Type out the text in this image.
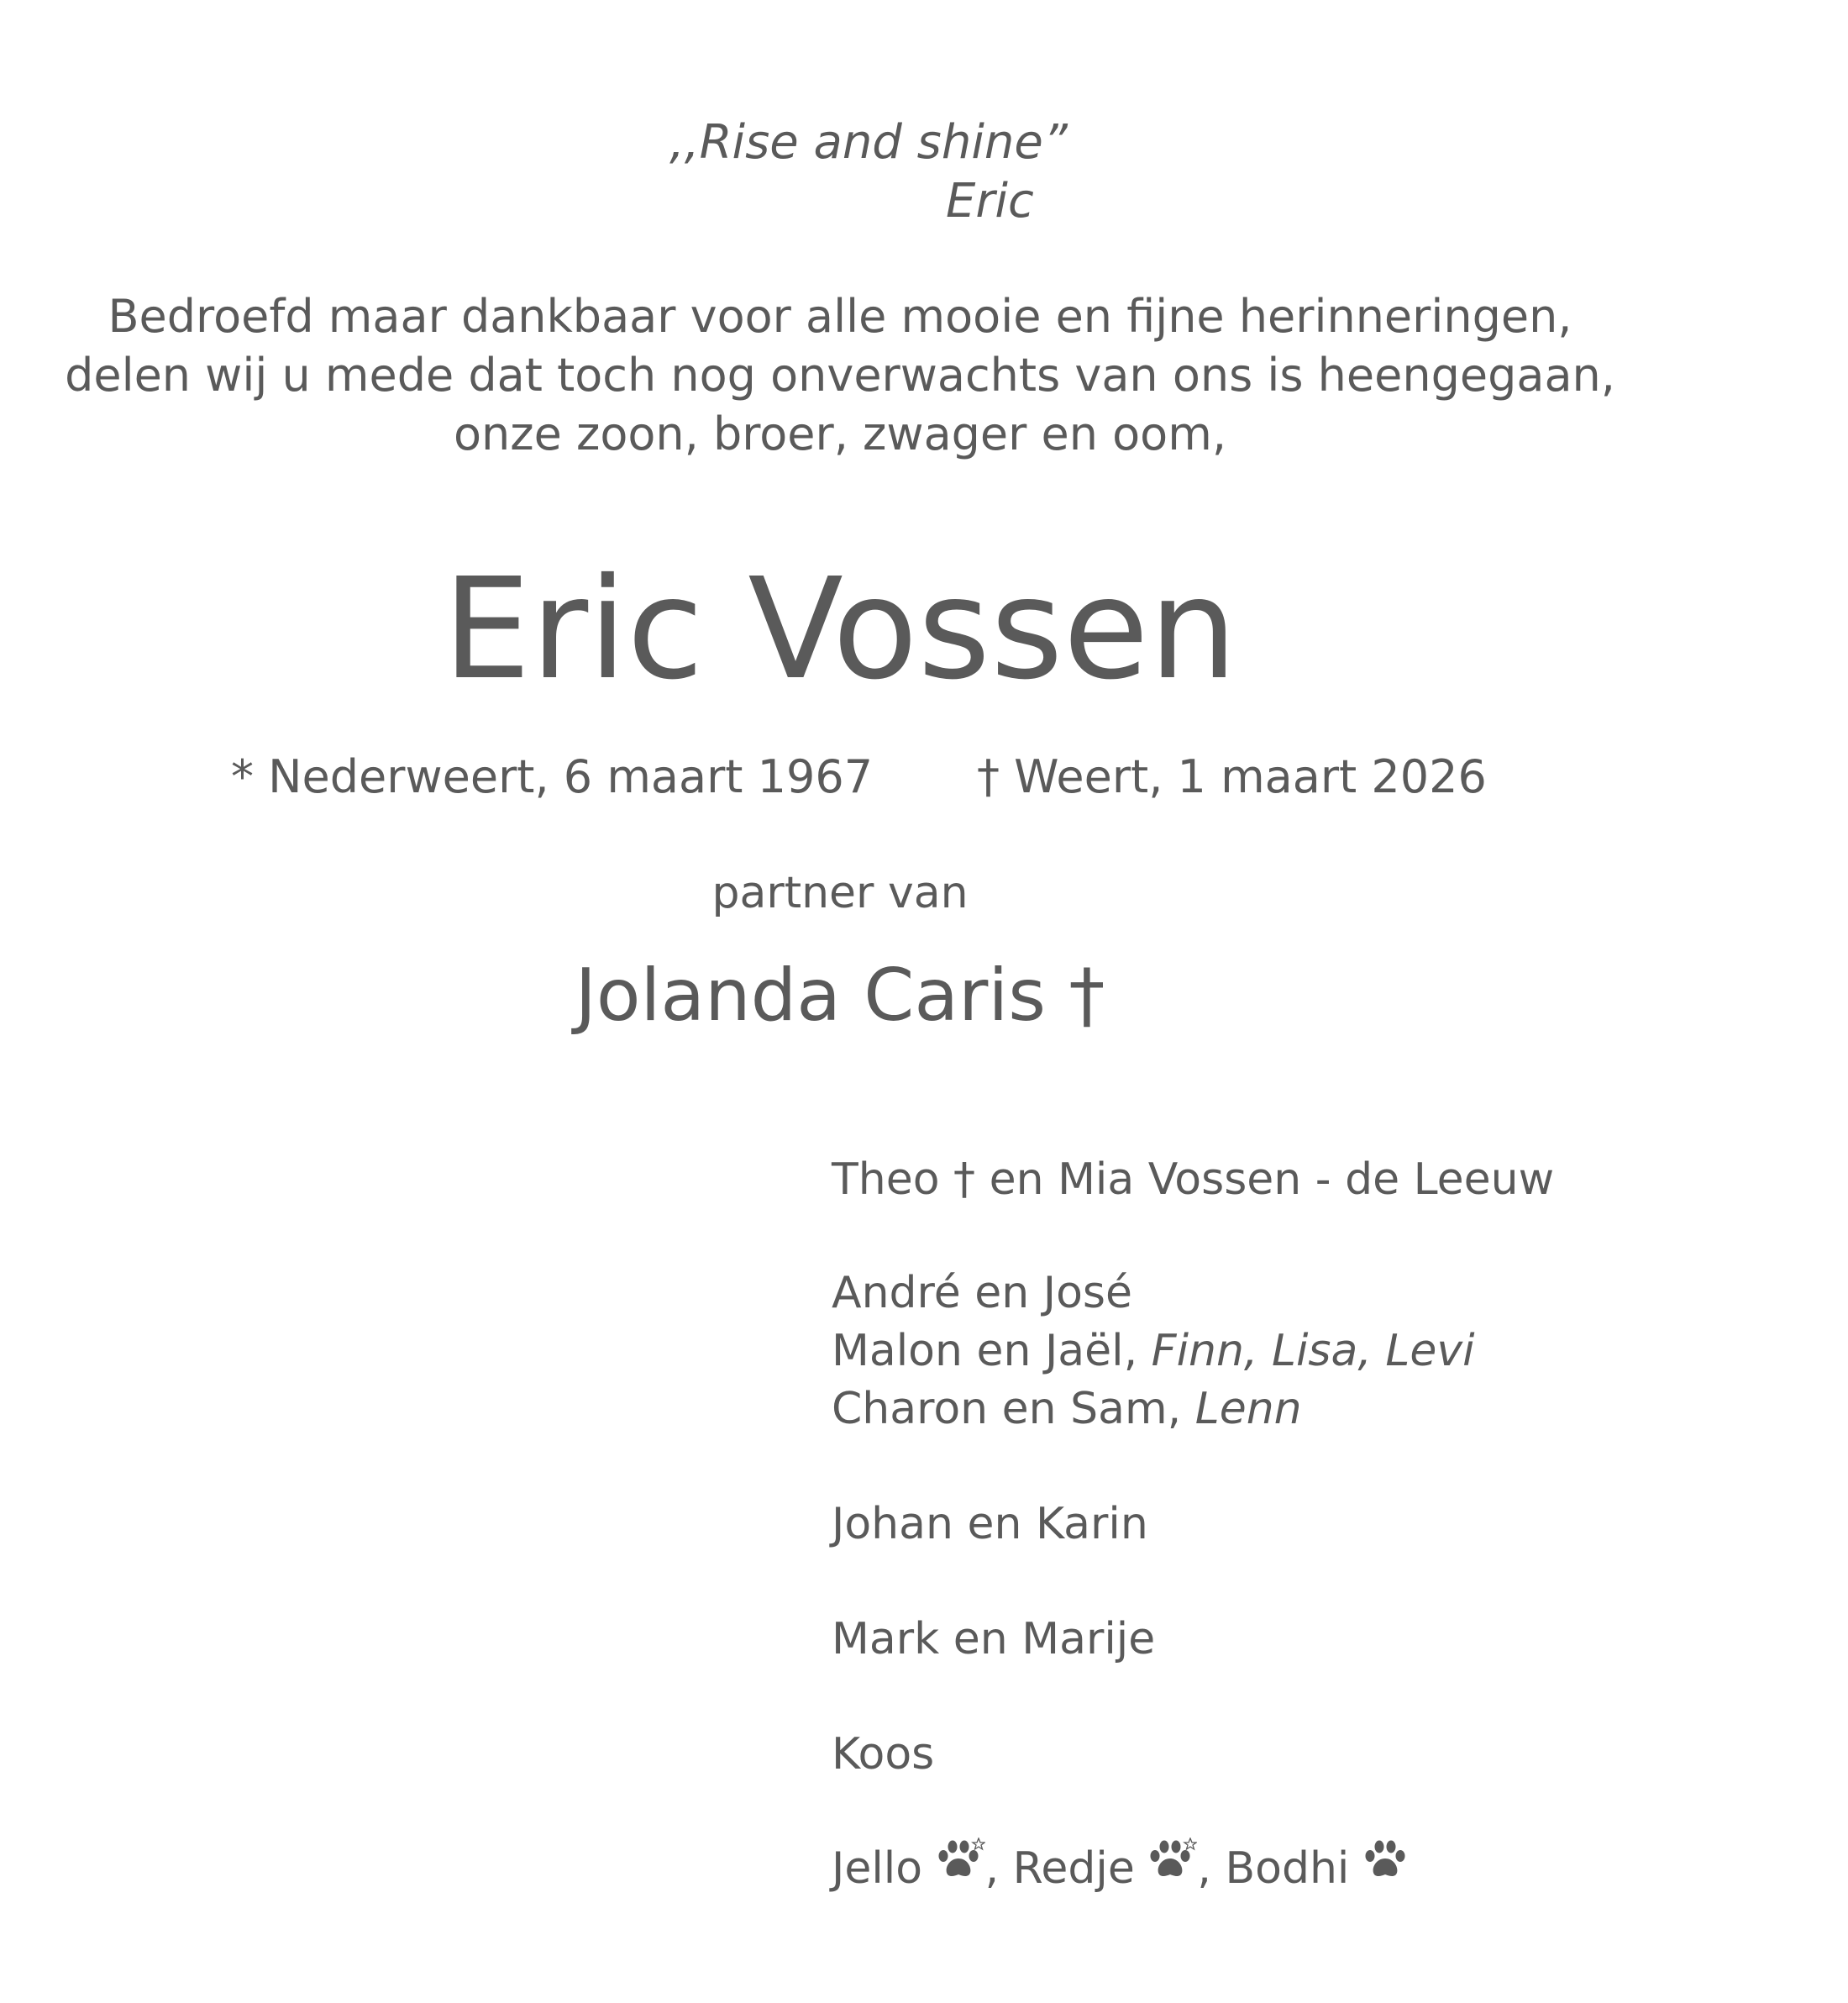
,,Rise and shine”
Eric
Bedroefd maar dankbaar voor alle mooie en fijne herinneringen,
delen wij u mede dat toch nog onverwachts van ons is heengegaan,
onze zoon, broer, zwager en oom,
Eric Vossen
* Nederweert, 6 maart 1967 † Weert, 1 maart 2026
partner van
Jolanda Caris †
Theo † en Mia Vossen - de Leeuw
André en José
Malon en Jaël, Finn, Lisa, Levi
Charon en Sam, Lenn
Johan en Karin
Mark en Marije
Koos
Jello , Redje , Bodhi
